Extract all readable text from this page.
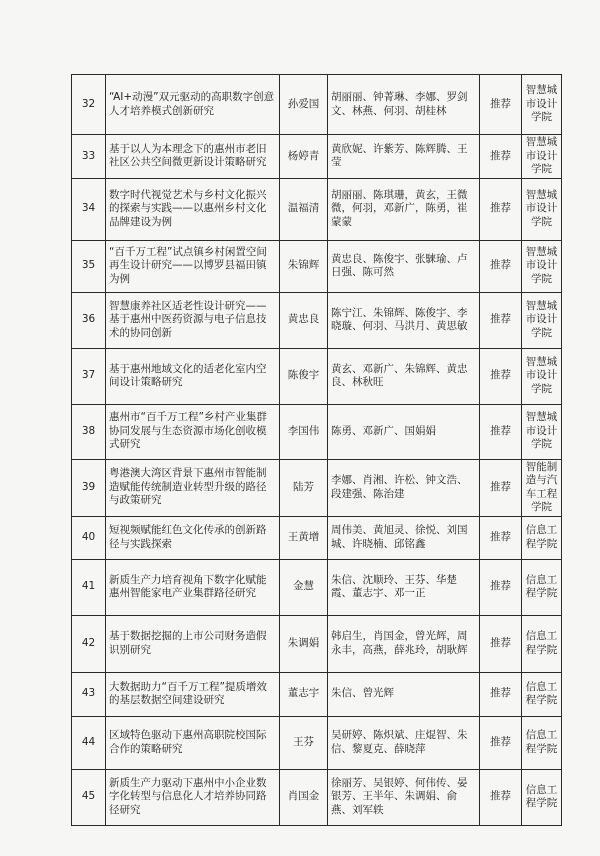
32	“AI+动漫”双元驱动的高职数字创意人才培养模式创新研究	孙爱国	胡丽丽、钟菁琳、李娜、罗剑文、林燕、何羽、胡桂林	推荐	智慧城市设计学院
33	基于以人为本理念下的惠州市老旧社区公共空间微更新设计策略研究	杨婷青	黄欣妮、许紫芳、陈辉腾、王莹	推荐	智慧城市设计学院
34	数字时代视觉艺术与乡村文化振兴的探索与实践——以惠州乡村文化品牌建设为例	温福清	胡丽丽、陈琪珊，黄玄，王微微，何羽，邓新广，陈勇，崔蒙蒙	推荐	智慧城市设计学院
35	“百千万工程”试点镇乡村闲置空间再生设计研究——以博罗县福田镇为例	朱锦辉	黄忠良、陈俊宇、张騋瑜、卢日强、陈可然	推荐	智慧城市设计学院
36	智慧康养社区适老性设计研究——基于惠州中医药资源与电子信息技术的协同创新	黄忠良	陈宁江、朱锦辉、陈俊宇、李晓璇、何羽、马洪月、黄思敏	推荐	智慧城市设计学院
37	基于惠州地域文化的适老化室内空间设计策略研究	陈俊宇	黄玄、邓新广、朱锦辉、黄忠良、林秋旺	推荐	智慧城市设计学院
38	惠州市“百千万工程”乡村产业集群协同发展与生态资源市场化创收模式研究	李国伟	陈勇、邓新广、国娟娟	推荐	智慧城市设计学院
39	粤港澳大湾区背景下惠州市智能制造赋能传统制造业转型升级的路径与政策研究	陆芳	李娜、肖湘、许松、钟文浩、段建强、陈治建	推荐	智能制造与汽车工程学院
40	短视频赋能红色文化传承的创新路径与实践探索	王黄增	周伟美、黄旭灵、徐悦、刘国城、许晓楠、邱铭鑫	推荐	信息工程学院
41	新质生产力培育视角下数字化赋能惠州智能家电产业集群路径研究	金慧	朱信、沈顺玲、王芬、华楚霞、董志宇、邓一正	推荐	信息工程学院
42	基于数据挖掘的上市公司财务造假识别研究	朱调娟	韩启生，肖国金，曾光辉，周永丰，高燕，薛兆玲，胡耿辉	推荐	信息工程学院
43	大数据助力“百千万工程”提质增效的基层数据空间建设研究	董志宇	朱信、曾光辉	推荐	信息工程学院
44	区域特色驱动下惠州高职院校国际合作的策略研究	王芬	吴研婷、陈炽斌、庄焜智、朱信、黎夏克、薛晓萍	推荐	信息工程学院
45	新质生产力驱动下惠州中小企业数字化转型与信息化人才培养协同路径研究	肖国金	徐丽芳、吴银婷、何伟传、晏银芳、王半年、朱调娟、俞燕、刘军轶	推荐	信息工程学院
